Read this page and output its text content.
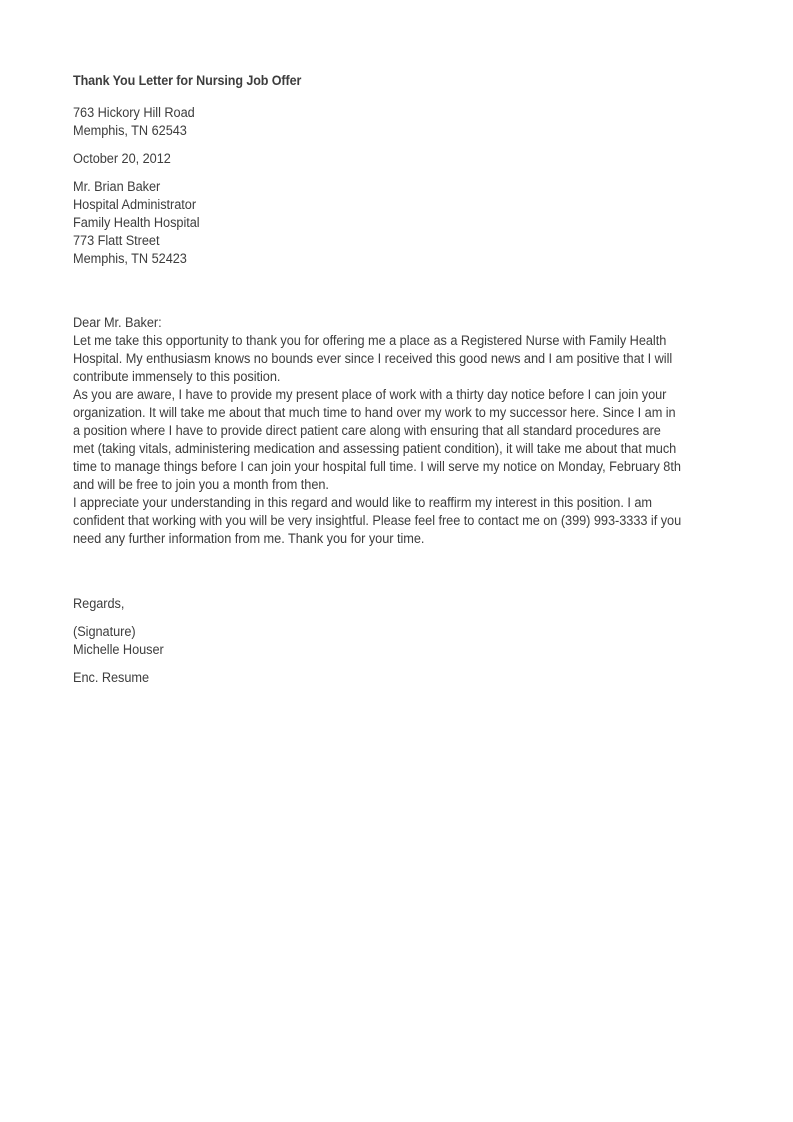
Thank You Letter for Nursing Job Offer
763 Hickory Hill Road
Memphis, TN 62543
October 20, 2012
Mr. Brian Baker
Hospital Administrator
Family Health Hospital
773 Flatt Street
Memphis, TN 52423
Dear Mr. Baker:

Let me take this opportunity to thank you for offering me a place as a Registered Nurse with Family Health
Hospital. My enthusiasm knows no bounds ever since I received this good news and I am positive that I will
contribute immensely to this position.

As you are aware, I have to provide my present place of work with a thirty day notice before I can join your
organization. It will take me about that much time to hand over my work to my successor here. Since I am in
a position where I have to provide direct patient care along with ensuring that all standard procedures are
met (taking vitals, administering medication and assessing patient condition), it will take me about that much
time to manage things before I can join your hospital full time. I will serve my notice on Monday, February 8th
and will be free to join you a month from then.

I appreciate your understanding in this regard and would like to reaffirm my interest in this position. I am
confident that working with you will be very insightful. Please feel free to contact me on (399) 993-3333 if you
need any further information from me. Thank you for your time.

Regards,
(Signature)
Michelle Houser
Enc. Resume
